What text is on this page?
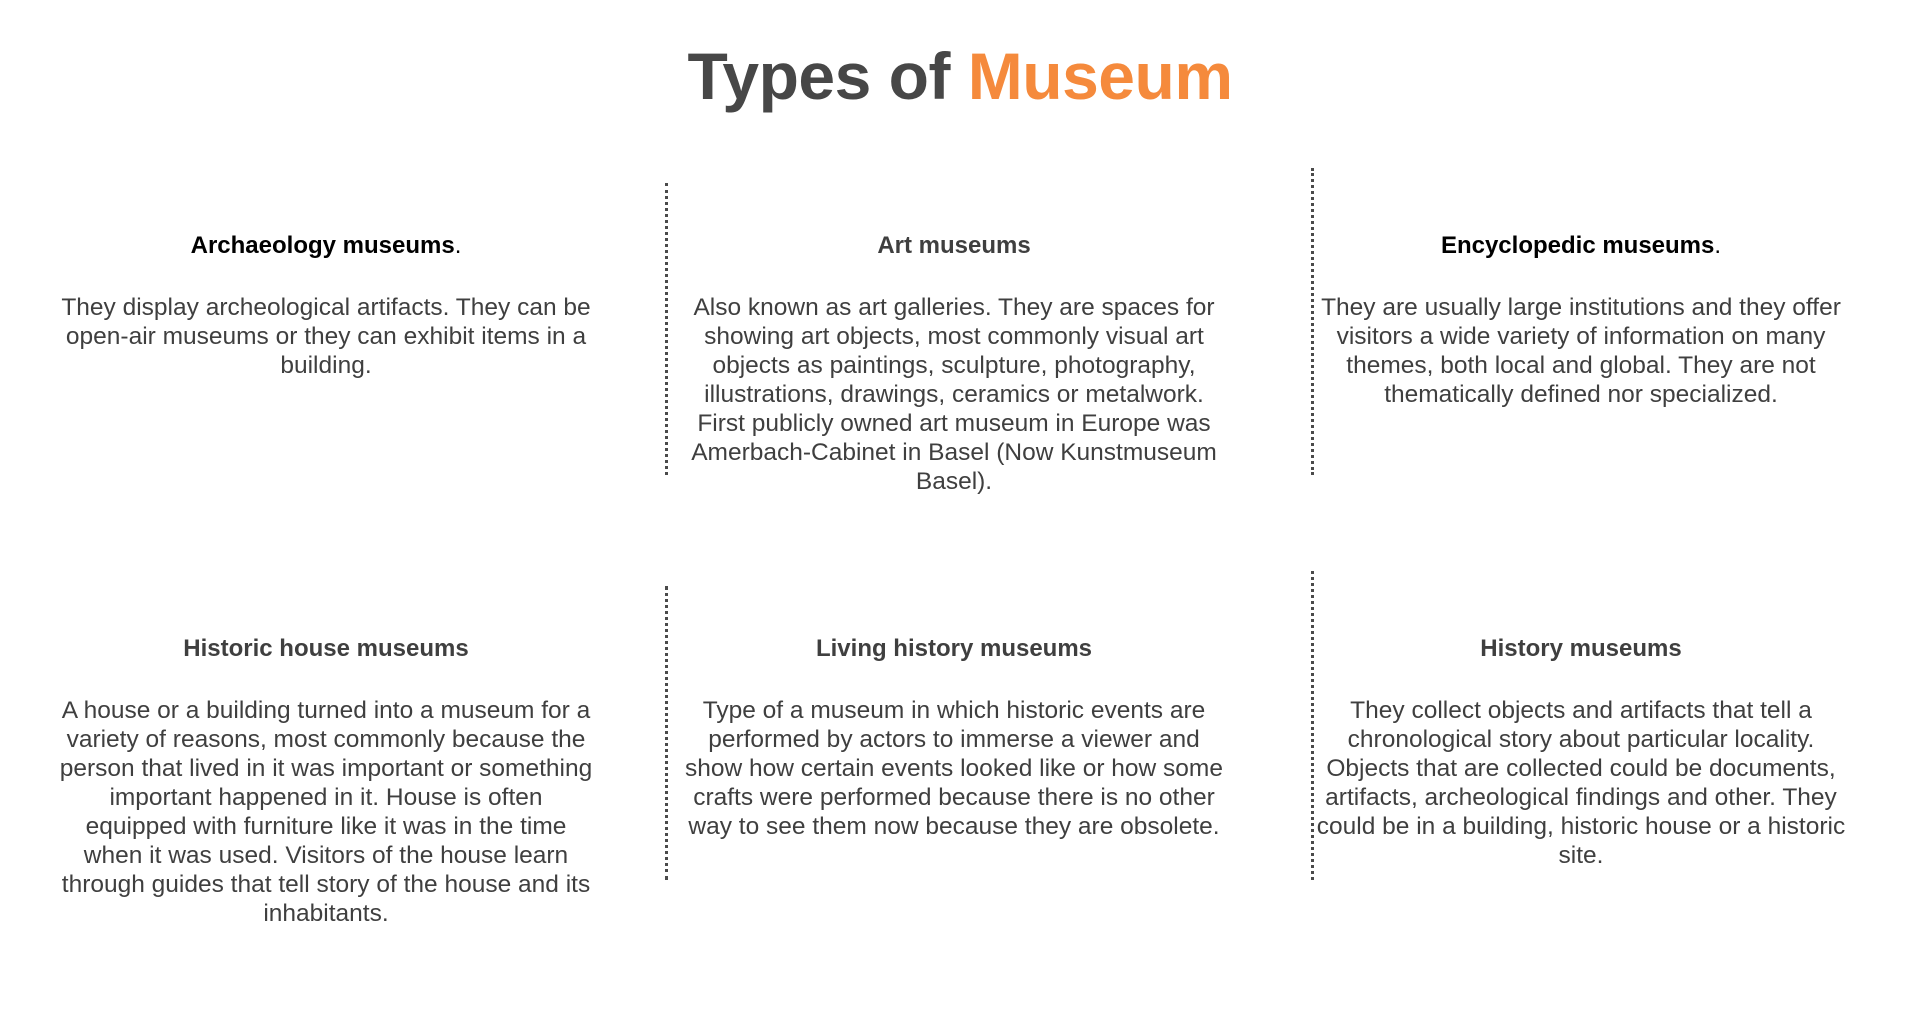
Types of Museum
Archaeology museums.

They display archeological artifacts. They can be open-air museums or they can exhibit items in a building.

Art museums

Also known as art galleries. They are spaces for showing art objects, most commonly visual art objects as paintings, sculpture, photography, illustrations, drawings, ceramics or metalwork. First publicly owned art museum in Europe was Amerbach-Cabinet in Basel (Now Kunstmuseum Basel).

Encyclopedic museums.

They are usually large institutions and they offer visitors a wide variety of information on many themes, both local and global. They are not thematically defined nor specialized.

Historic house museums

A house or a building turned into a museum for a variety of reasons, most commonly because the person that lived in it was important or something important happened in it. House is often equipped with furniture like it was in the time when it was used. Visitors of the house learn through guides that tell story of the house and its inhabitants.

Living history museums

Type of a museum in which historic events are performed by actors to immerse a viewer and show how certain events looked like or how some crafts were performed because there is no other way to see them now because they are obsolete.

History museums

They collect objects and artifacts that tell a chronological story about particular locality. Objects that are collected could be documents, artifacts, archeological findings and other. They could be in a building, historic house or a historic site.
